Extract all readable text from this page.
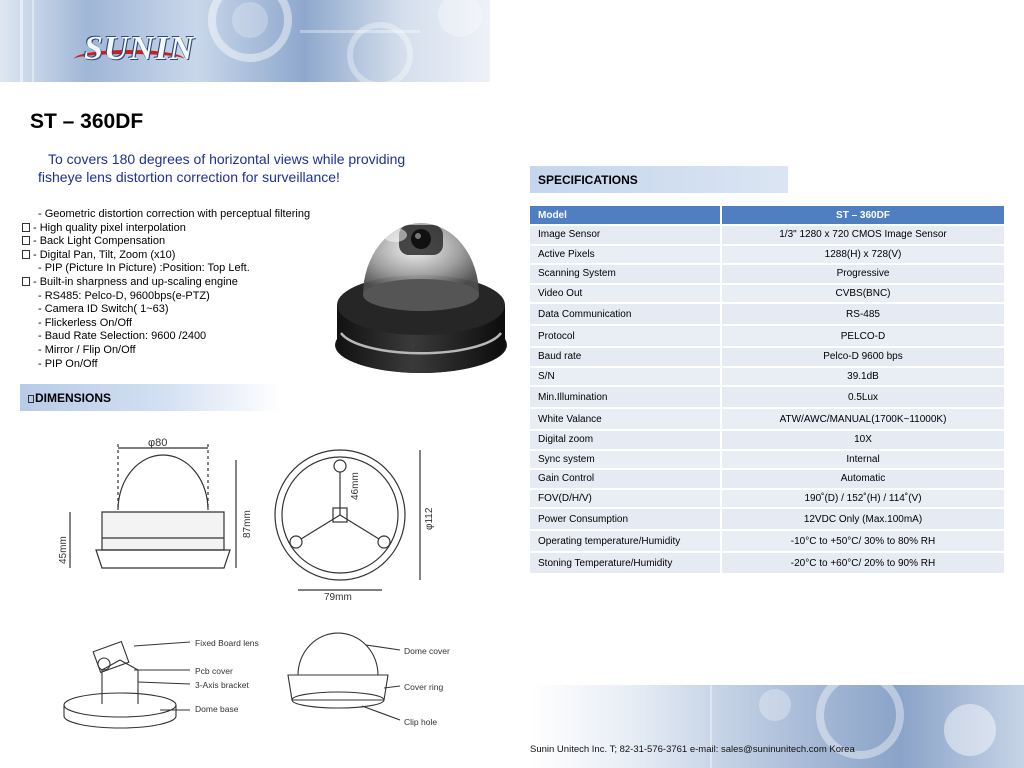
SUNIN
ST – 360DF
To covers 180 degrees of horizontal views while providing
fisheye lens distortion correction for surveillance!
- Geometric distortion correction with perceptual filtering
- High quality pixel interpolation
- Back Light Compensation
- Digital Pan, Tilt, Zoom (x10)
- PIP (Picture In Picture) :Position: Top Left.
- Built-in sharpness and up-scaling engine
- RS485: Pelco-D, 9600bps(e-PTZ)
- Camera ID Switch( 1~63)
- Flickerless On/Off
- Baud Rate Selection: 9600 /2400
- Mirror / Flip On/Off
- PIP On/Off
SPECIFICATIONS
Model	ST – 360DF
Image Sensor	1/3" 1280 x 720 CMOS Image Sensor
Active Pixels	1288(H) x 728(V)
Scanning System	Progressive
Video Out	CVBS(BNC)
Data Communication	RS-485
Protocol	PELCO-D
Baud rate	Pelco-D 9600 bps
S/N	39.1dB
Min.Illumination	0.5Lux
White Valance	ATW/AWC/MANUAL(1700K~11000K)
Digital zoom	10X
Sync system	Internal
Gain Control	Automatic
FOV(D/H/V)	190˚(D) / 152˚(H) / 114˚(V)
Power Consumption	12VDC Only (Max.100mA)
Operating temperature/Humidity	-10°C to +50°C/ 30% to 80% RH
Stoning Temperature/Humidity	-20°C to +60°C/ 20% to 90% RH
DIMENSIONS
φ80
87mm
45mm
46mm
φ112
79mm
Fixed Board lens
Pcb cover
3-Axis bracket
Dome base
Dome cover
Cover ring
Clip hole
Sunin Unitech Inc. T; 82-31-576-3761 e-mail: sales@suninunitech.com Korea
